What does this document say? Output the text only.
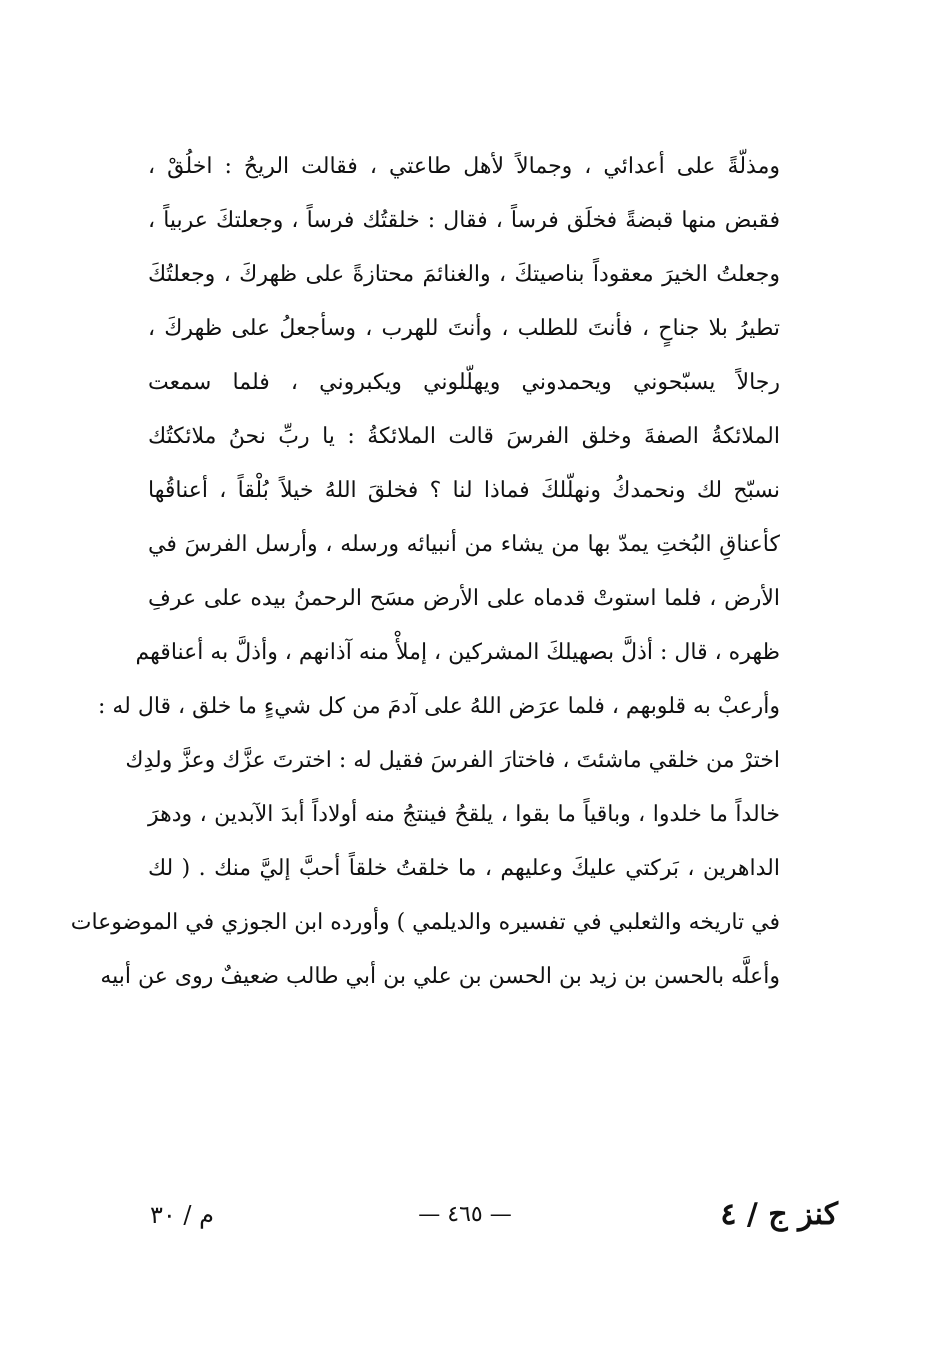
ومذلّةً على أعدائي ، وجمالاً لأهل طاعتي ، فقالت الريحُ : اخلُقْ ،
فقبض منها قبضةً فخلَق فرساً ، فقال : خلقتُك فرساً ، وجعلتكَ عربياً ،
وجعلتُ الخيرَ معقوداً بناصيتكَ ، والغنائمَ محتازةً على ظهركَ ، وجعلتُكَ
تطيرُ بلا جناحٍ ، فأنتَ للطلب ، وأنتَ للهرب ، وسأجعلُ على ظهركَ ،
رجالاً يسبّحوني ويحمدوني ويهلّلوني ويكبروني ، فلما سمعت
الملائكةُ الصفةَ وخلق الفرسَ قالت الملائكةُ : يا ربِّ نحنُ ملائكتُك
نسبّح لك ونحمدكُ ونهلّلكَ فماذا لنا ؟ فخلقَ اللهُ خيلاً بُلْقاً ، أعناقُها
كأعناقِ البُختِ يمدّ بها من يشاء من أنبيائه ورسله ، وأرسل الفرسَ في
الأرض ، فلما استوتْ قدماه على الأرض مسَح الرحمنُ بيده على عرفِ
ظهره ، قال : أذلَّ بصهيلكَ المشركين ، إملأْ منه آذانهم ، وأذلَّ به أعناقهم
وأرعبْ به قلوبهم ، فلما عرَض اللهُ على آدمَ من كل شيءٍ ما خلق ، قال له :
اخترْ من خلقي ماشئتَ ، فاختارَ الفرسَ فقيل له : اخترتَ عزَّك وعزَّ ولدِك
خالداً ما خلدوا ، وباقياً ما بقوا ، يلقحُ فينتجُ منه أولاداً أبدَ الآبدين ، ودهرَ
الداهرين ، بَركتي عليكَ وعليهم ، ما خلقتُ خلقاً أحبَّ إليَّ منك . ( لك
في تاريخه والثعلبي في تفسيره والديلمي ) وأورده ابن الجوزي في الموضوعات
وأعلَّه بالحسن بن زيد بن الحسن بن علي بن أبي طالب ضعيفٌ روى عن أبيه
كنز ج / ٤
— ٤٦٥ —
م / ٣٠
